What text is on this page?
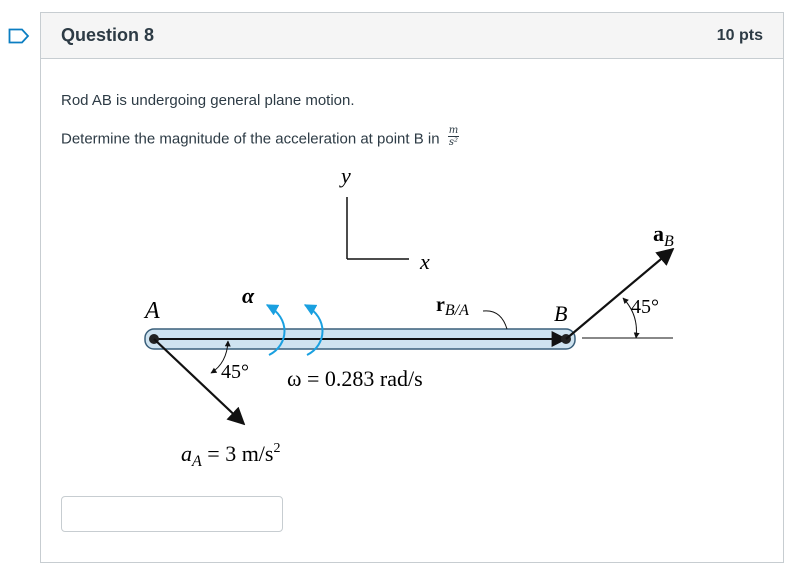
Question 8	10 pts
Rod AB is undergoing general plane motion.
Determine the magnitude of the acceleration at point B in $\frac{m}{\text{s²}}$
y
x
A	B
$r_{B/A}$
α
ω = 0.283 rad/s
45°
$a_A = 3$ $m/s^2$
45°
$a_B$
